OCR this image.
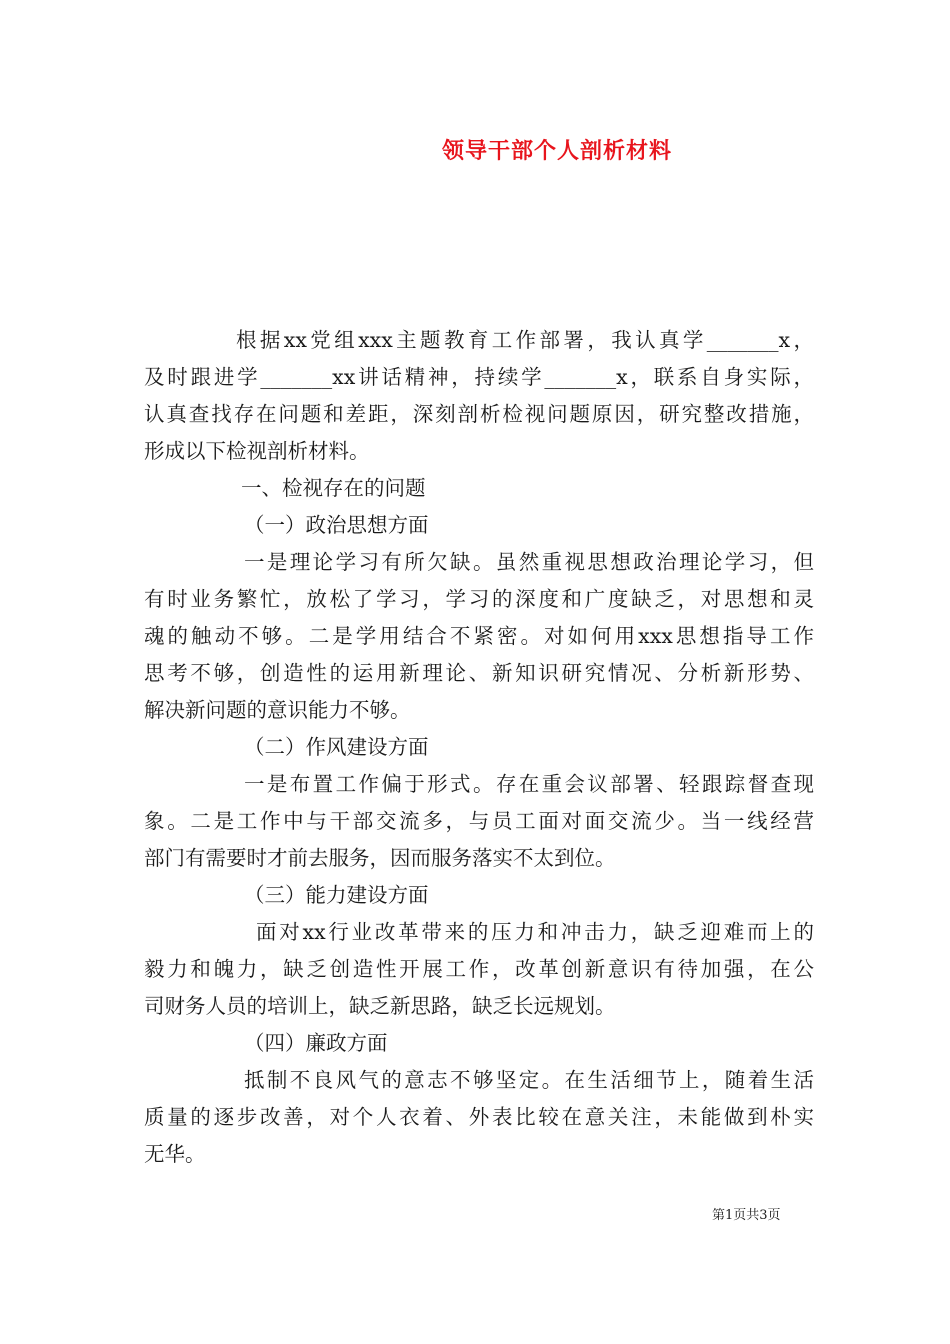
领导干部个人剖析材料
根据xx党组xxx主题教育工作部署，我认真学_______x，
及时跟进学_______xx讲话精神，持续学_______x，联系自身实际，
认真查找存在问题和差距，深刻剖析检视问题原因，研究整改措施，
形成以下检视剖析材料。
一、检视存在的问题
（一）政治思想方面
一是理论学习有所欠缺。虽然重视思想政治理论学习，但
有时业务繁忙，放松了学习，学习的深度和广度缺乏，对思想和灵
魂的触动不够。二是学用结合不紧密。对如何用xxx思想指导工作
思考不够，创造性的运用新理论、新知识研究情况、分析新形势、
解决新问题的意识能力不够。
（二）作风建设方面
一是布置工作偏于形式。存在重会议部署、轻跟踪督查现
象。二是工作中与干部交流多，与员工面对面交流少。当一线经营
部门有需要时才前去服务，因而服务落实不太到位。
（三）能力建设方面
面对xx行业改革带来的压力和冲击力，缺乏迎难而上的
毅力和魄力，缺乏创造性开展工作，改革创新意识有待加强，在公
司财务人员的培训上，缺乏新思路，缺乏长远规划。
（四）廉政方面
抵制不良风气的意志不够坚定。在生活细节上，随着生活
质量的逐步改善，对个人衣着、外表比较在意关注，未能做到朴实
无华。
第1页共3页
